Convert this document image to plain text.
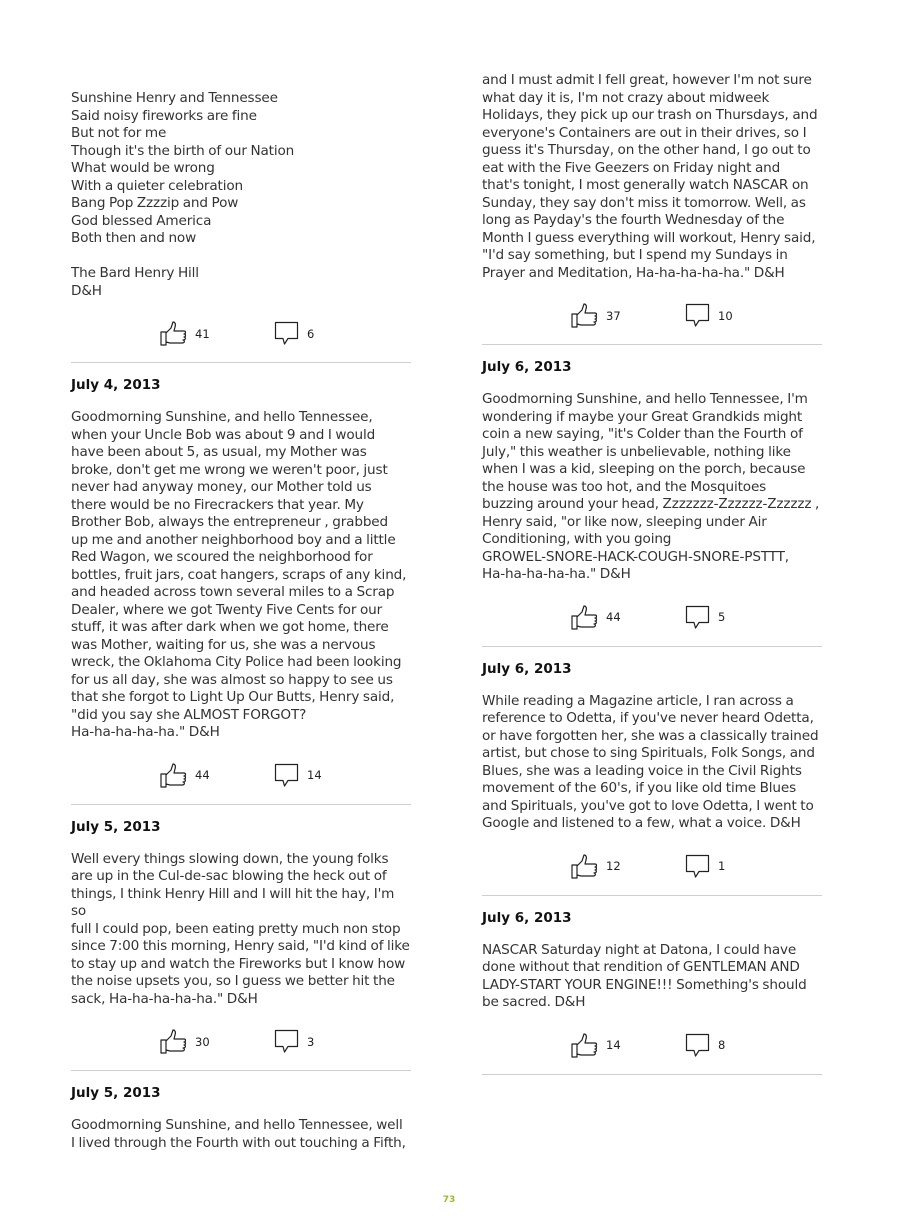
Sunshine Henry and Tennessee
Said noisy fireworks are fine
But not for me
Though it's the birth of our Nation
What would be wrong
With a quieter celebration
Bang Pop Zzzzip and Pow
God blessed America
Both then and now

The Bard Henry Hill
D&H
41	6
July 4, 2013
Goodmorning Sunshine, and hello Tennessee,
when your Uncle Bob was about 9 and I would
have been about 5, as usual, my Mother was
broke, don't get me wrong we weren't poor, just
never had anyway money, our Mother told us
there would be no Firecrackers that year. My
Brother Bob, always the entrepreneur , grabbed
up me and another neighborhood boy and a little
Red Wagon, we scoured the neighborhood for
bottles, fruit jars, coat hangers, scraps of any kind,
and headed across town several miles to a Scrap
Dealer, where we got Twenty Five Cents for our
stuff, it was after dark when we got home, there
was Mother, waiting for us, she was a nervous
wreck, the Oklahoma City Police had been looking
for us all day, she was almost so happy to see us
that she forgot to Light Up Our Butts, Henry said,
"did you say she ALMOST FORGOT?
Ha-ha-ha-ha-ha." D&H
44	14
July 5, 2013
Well every things slowing down, the young folks
are up in the Cul-de-sac blowing the heck out of
things, I think Henry Hill and I will hit the hay, I'm so
full I could pop, been eating pretty much non stop
since 7:00 this morning, Henry said, "I'd kind of like
to stay up and watch the Fireworks but I know how
the noise upsets you, so I guess we better hit the
sack, Ha-ha-ha-ha-ha." D&H
30	3
July 5, 2013
Goodmorning Sunshine, and hello Tennessee, well
I lived through the Fourth with out touching a Fifth,
and I must admit I fell great, however I'm not sure
what day it is, I'm not crazy about midweek
Holidays, they pick up our trash on Thursdays, and
everyone's Containers are out in their drives, so I
guess it's Thursday, on the other hand, I go out to
eat with the Five Geezers on Friday night and
that's tonight, I most generally watch NASCAR on
Sunday, they say don't miss it tomorrow. Well, as
long as Payday's the fourth Wednesday of the
Month I guess everything will workout, Henry said,
"I'd say something, but I spend my Sundays in
Prayer and Meditation, Ha-ha-ha-ha-ha." D&H
37	10
July 6, 2013
Goodmorning Sunshine, and hello Tennessee, I'm
wondering if maybe your Great Grandkids might
coin a new saying, "it's Colder than the Fourth of
July," this weather is unbelievable, nothing like
when I was a kid, sleeping on the porch, because
the house was too hot, and the Mosquitoes
buzzing around your head, Zzzzzzz-Zzzzzz-Zzzzzz ,
Henry said, "or like now, sleeping under Air
Conditioning, with you going
GROWEL-SNORE-HACK-COUGH-SNORE-PSTTT,
Ha-ha-ha-ha-ha." D&H
44	5
July 6, 2013
While reading a Magazine article, I ran across a
reference to Odetta, if you've never heard Odetta,
or have forgotten her, she was a classically trained
artist, but chose to sing Spirituals, Folk Songs, and
Blues, she was a leading voice in the Civil Rights
movement of the 60's, if you like old time Blues
and Spirituals, you've got to love Odetta, I went to
Google and listened to a few, what a voice. D&H
12	1
July 6, 2013
NASCAR Saturday night at Datona, I could have
done without that rendition of GENTLEMAN AND
LADY-START YOUR ENGINE!!! Something's should
be sacred. D&H
14	8
73
